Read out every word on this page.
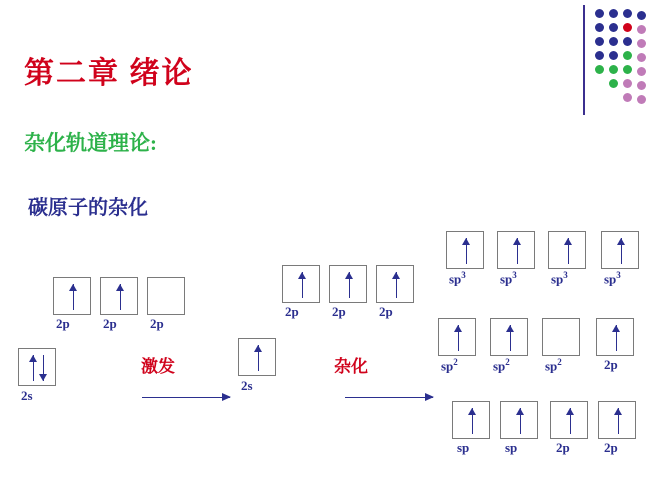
第二章 绪论
杂化轨道理论:
碳原子的杂化
2p	2p	2p
2s
激发
2p	2p	2p
2s
杂化
$sp^3$	$sp^3$	$sp^3$	$sp^3$
$sp^2$	$sp^2$	$sp^2$	2p
sp	sp	2p	2p
